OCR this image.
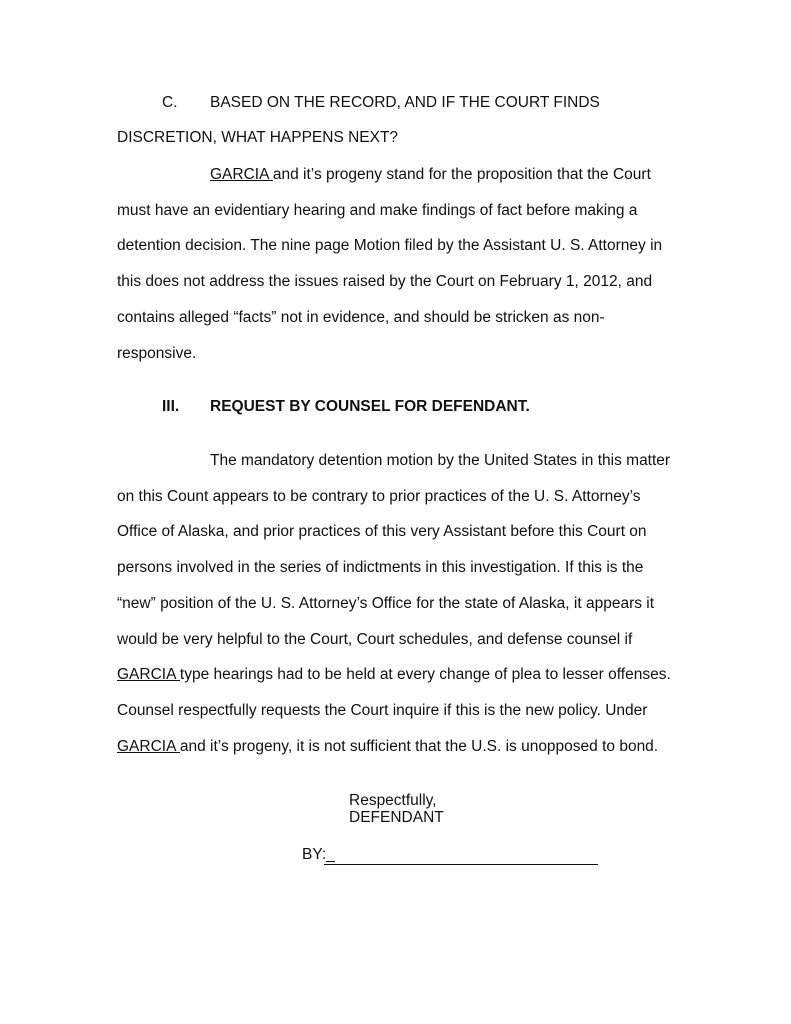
C. BASED ON THE RECORD, AND IF THE COURT FINDS
DISCRETION, WHAT HAPPENS NEXT?
GARCIA and it’s progeny stand for the proposition that the Court
must have an evidentiary hearing and make findings of fact before making a
detention decision. The nine page Motion filed by the Assistant U. S. Attorney in
this does not address the issues raised by the Court on February 1, 2012, and
contains alleged “facts” not in evidence, and should be stricken as non-
responsive.
III. REQUEST BY COUNSEL FOR DEFENDANT.
The mandatory detention motion by the United States in this matter
on this Count appears to be contrary to prior practices of the U. S. Attorney’s
Office of Alaska, and prior practices of this very Assistant before this Court on
persons involved in the series of indictments in this investigation. If this is the
“new” position of the U. S. Attorney’s Office for the state of Alaska, it appears it
would be very helpful to the Court, Court schedules, and defense counsel if
GARCIA type hearings had to be held at every change of plea to lesser offenses.
Counsel respectfully requests the Court inquire if this is the new policy. Under
GARCIA and it’s progeny, it is not sufficient that the U.S. is unopposed to bond.
Respectfully,
DEFENDANT
BY:_
